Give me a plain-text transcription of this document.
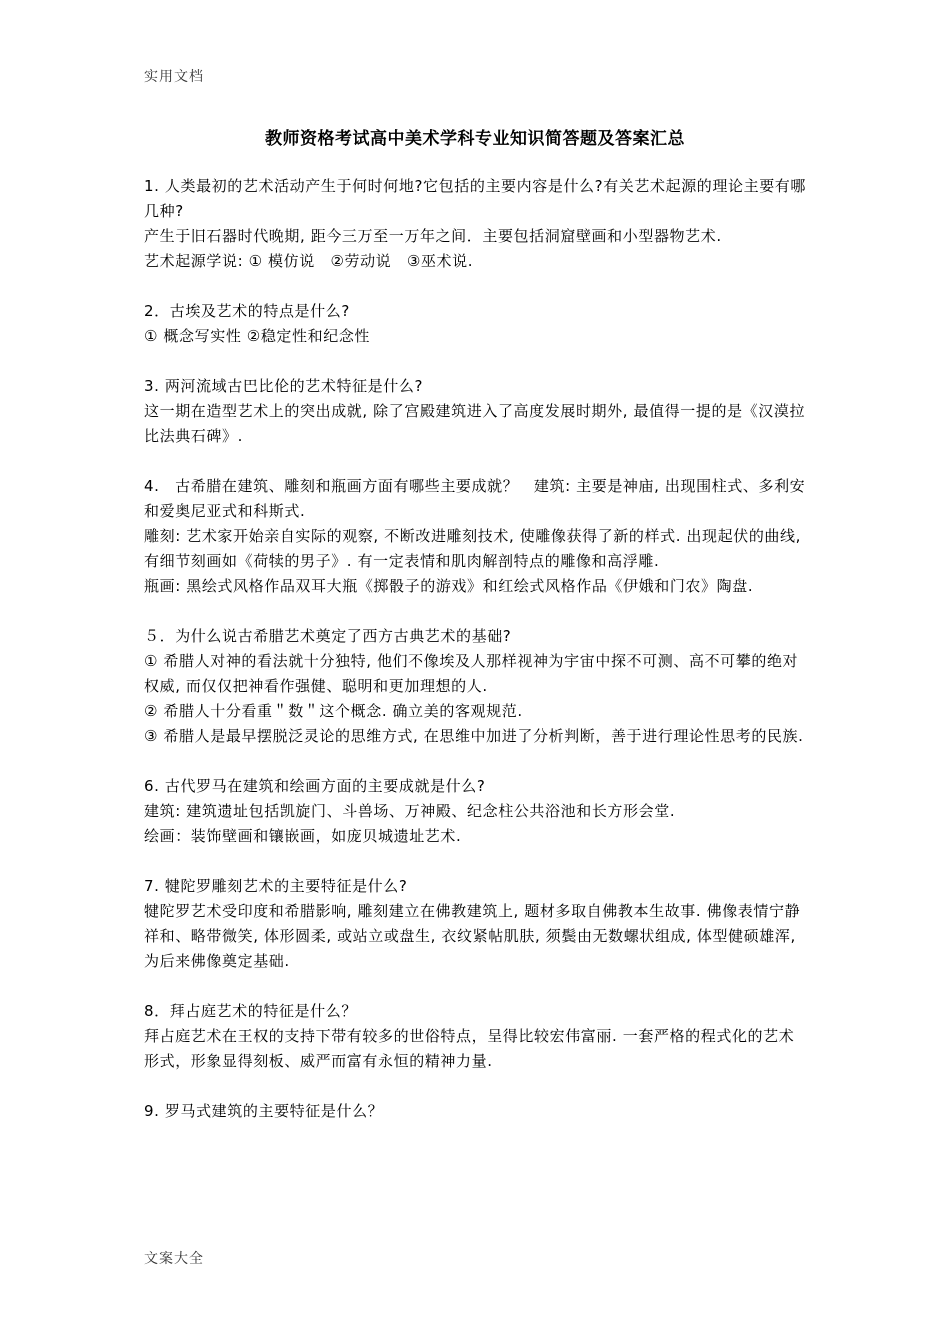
实用文档
教师资格考试高中美术学科专业知识简答题及答案汇总

1. 人类最初的艺术活动产生于何时何地?它包括的主要内容是什么?有关艺术起源的理论主要有哪几种?

产生于旧石器时代晚期, 距今三万至一万年之间．主要包括洞窟壁画和小型器物艺术.

艺术起源学说: ① 模仿说　②劳动说　③巫术说.

2．古埃及艺术的特点是什么?

① 概念写实性 ②稳定性和纪念性

3. 两河流域古巴比伦的艺术特征是什么?

这一期在造型艺术上的突出成就, 除了宫殿建筑进入了高度发展时期外, 最值得一提的是《汉漠拉比法典石碑》.

4.　古希腊在建筑、雕刻和瓶画方面有哪些主要成就？　建筑: 主要是神庙, 出现围柱式、多利安和爱奥尼亚式和科斯式.

雕刻: 艺术家开始亲自实际的观察, 不断改进雕刻技术, 使雕像获得了新的样式. 出现起伏的曲线, 有细节刻画如《荷犊的男子》. 有一定表情和肌肉解剖特点的雕像和高浮雕.

瓶画: 黑绘式风格作品双耳大瓶《掷骰子的游戏》和红绘式风格作品《伊娥和门农》陶盘.

５．为什么说古希腊艺术奠定了西方古典艺术的基础?

① 希腊人对神的看法就十分独特, 他们不像埃及人那样视神为宇宙中探不可测、高不可攀的绝对权威, 而仅仅把神看作强健、聪明和更加理想的人.

② 希腊人十分看重＂数＂这个概念. 确立美的客观规范.

③ 希腊人是最早摆脱泛灵论的思维方式, 在思维中加进了分析判断，善于进行理论性思考的民族.

6. 古代罗马在建筑和绘画方面的主要成就是什么?

建筑: 建筑遗址包括凯旋门、斗兽场、万神殿、纪念柱公共浴池和长方形会堂.

绘画：装饰壁画和镶嵌画，如庞贝城遗址艺术.

7. 犍陀罗雕刻艺术的主要特征是什么?

犍陀罗艺术受印度和希腊影响, 雕刻建立在佛教建筑上, 题材多取自佛教本生故事. 佛像表情宁静祥和、略带微笑, 体形圆柔, 或站立或盘生, 衣纹紧帖肌肤, 须鬓由无数螺状组成, 体型健硕雄浑, 为后来佛像奠定基础.

8．拜占庭艺术的特征是什么？

拜占庭艺术在王权的支持下带有较多的世俗特点，呈得比较宏伟富丽. 一套严格的程式化的艺术形式，形象显得刻板、威严而富有永恒的精神力量.

9. 罗马式建筑的主要特征是什么？

文案大全
